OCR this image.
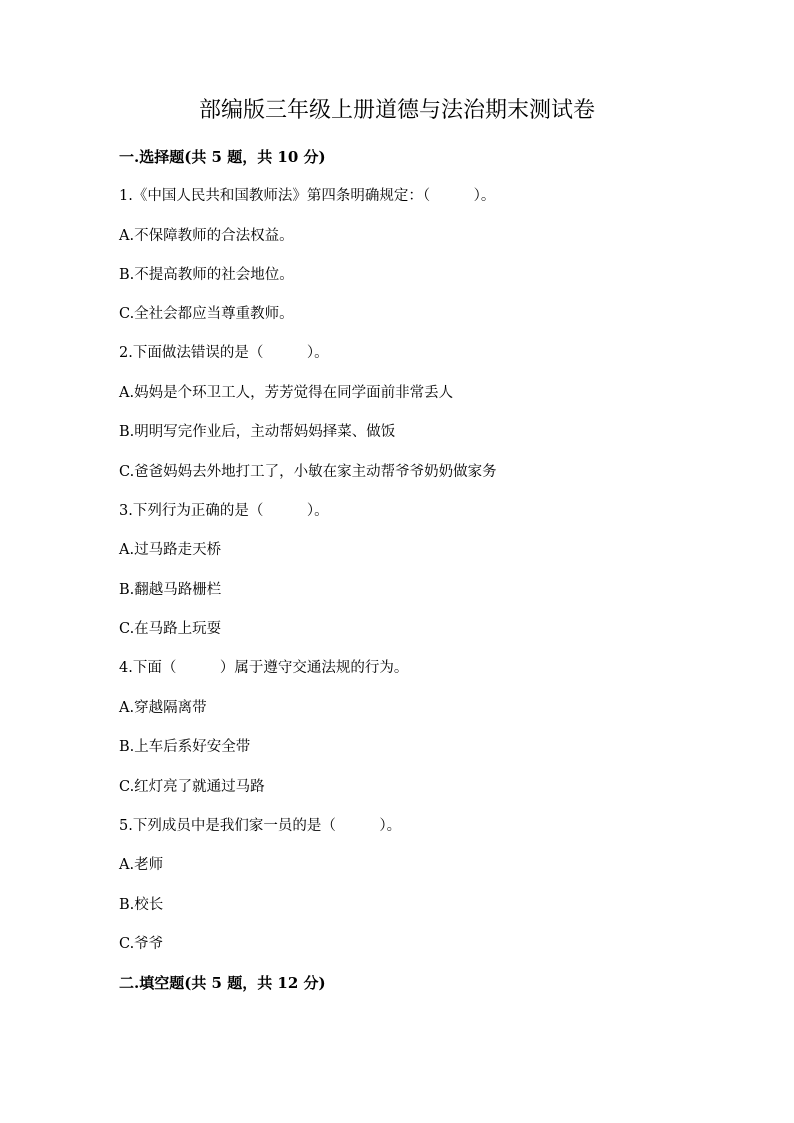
部编版三年级上册道德与法治期末测试卷
一.选择题(共 5 题，共 10 分)
1.《中国人民共和国教师法》第四条明确规定：（　　　）。
A.不保障教师的合法权益。
B.不提高教师的社会地位。
C.全社会都应当尊重教师。
2.下面做法错误的是（　　　）。
A.妈妈是个环卫工人，芳芳觉得在同学面前非常丢人
B.明明写完作业后，主动帮妈妈择菜、做饭
C.爸爸妈妈去外地打工了，小敏在家主动帮爷爷奶奶做家务
3.下列行为正确的是（　　　）。
A.过马路走天桥
B.翻越马路栅栏
C.在马路上玩耍
4.下面（　　　）属于遵守交通法规的行为。
A.穿越隔离带
B.上车后系好安全带
C.红灯亮了就通过马路
5.下列成员中是我们家一员的是（　　　）。
A.老师
B.校长
C.爷爷
二.填空题(共 5 题，共 12 分)
